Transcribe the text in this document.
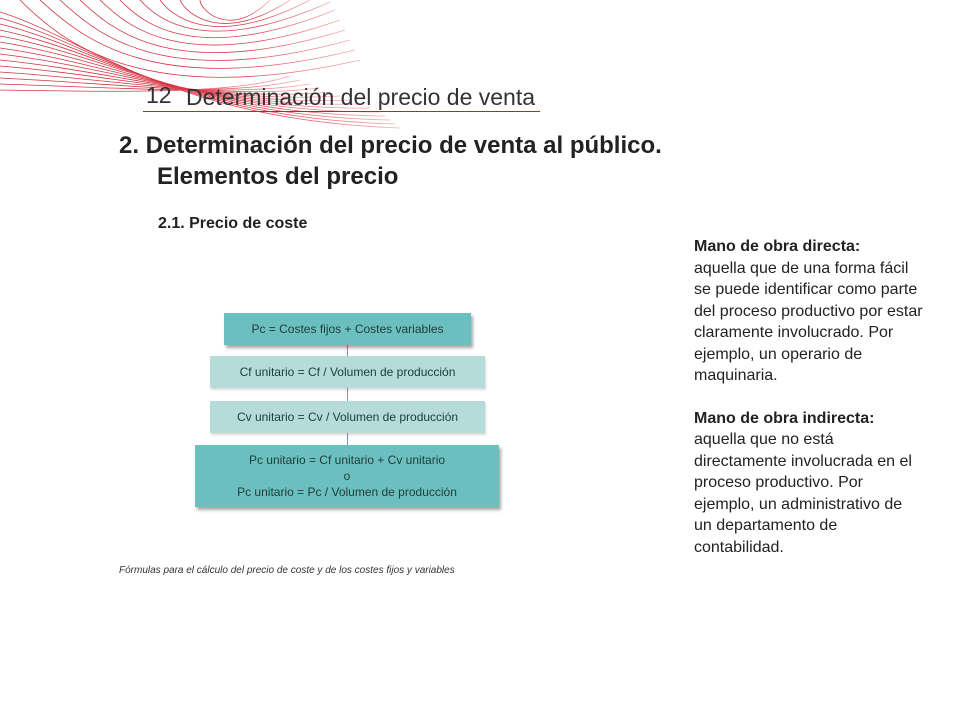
12 Determinación del precio de venta
2. Determinación del precio de venta al público.
Elementos del precio
2.1. Precio de coste
Pc = Costes fijos + Costes variables
Cf unitario = Cf / Volumen de producción
Cv unitario = Cv / Volumen de producción
Pc unitario = Cf unitario + Cv unitario
o
Pc unitario = Pc / Volumen de producción
Fórmulas para el cálculo del precio de coste y de los costes fijos y variables
Mano de obra directa:
aquella que de una forma fácil se puede identificar como parte del proceso productivo por estar claramente involucrado. Por ejemplo, un operario de maquinaria.
Mano de obra indirecta:
aquella que no está directamente involucrada en el proceso productivo. Por ejemplo, un administrativo de un departamento de contabilidad.
